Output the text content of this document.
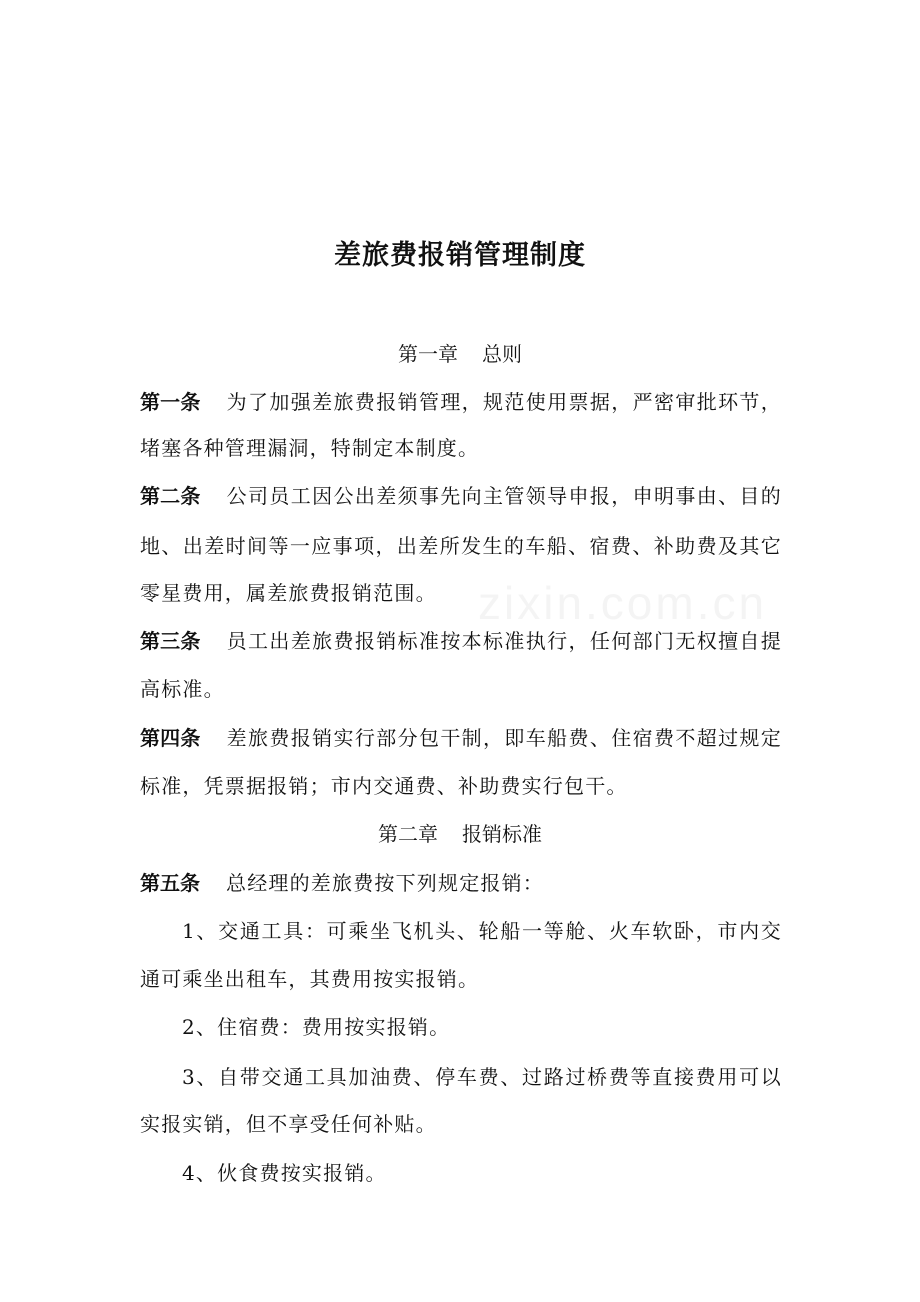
zixin.com.cn
差旅费报销管理制度
第一章 总则
第一条 为了加强差旅费报销管理，规范使用票据，严密审批环节，
堵塞各种管理漏洞，特制定本制度。
第二条 公司员工因公出差须事先向主管领导申报，申明事由、目的
地、出差时间等一应事项，出差所发生的车船、宿费、补助费及其它
零星费用，属差旅费报销范围。
第三条 员工出差旅费报销标准按本标准执行，任何部门无权擅自提
高标准。
第四条 差旅费报销实行部分包干制，即车船费、住宿费不超过规定
标准，凭票据报销；市内交通费、补助费实行包干。
第二章 报销标准
第五条 总经理的差旅费按下列规定报销：
1、交通工具：可乘坐飞机头、轮船一等舱、火车软卧，市内交
通可乘坐出租车，其费用按实报销。
2、住宿费：费用按实报销。
3、自带交通工具加油费、停车费、过路过桥费等直接费用可以
实报实销，但不享受任何补贴。
4、伙食费按实报销。
